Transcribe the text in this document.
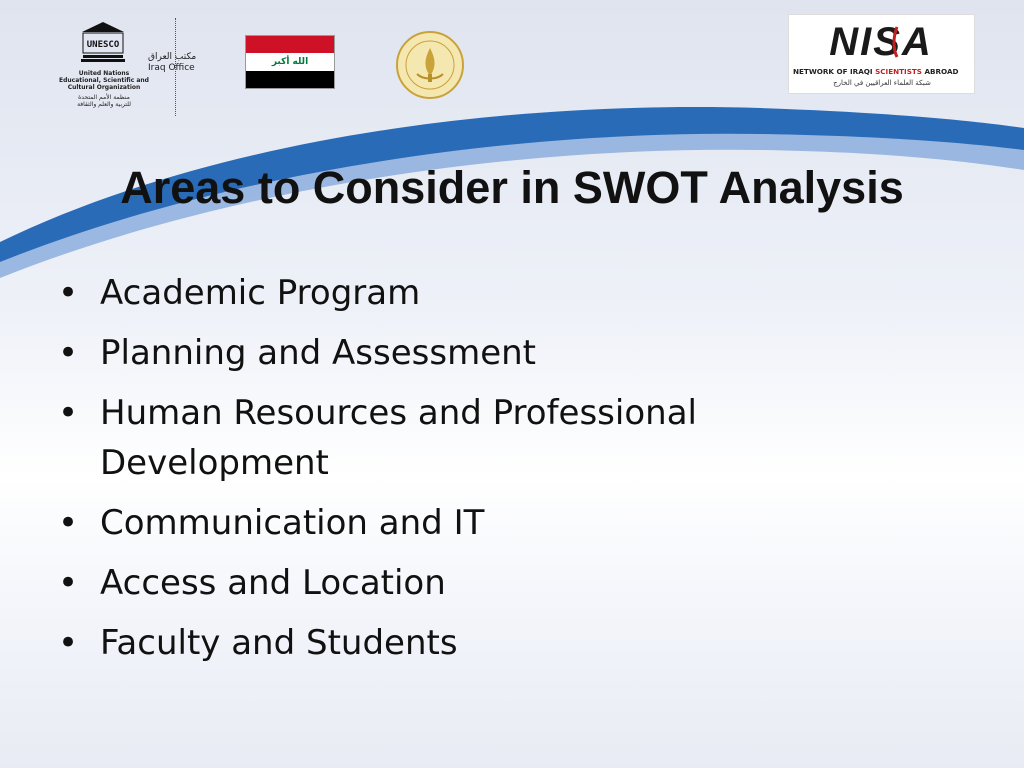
UNESCO
United Nations
Educational, Scientific and
Cultural Organization
منظمة الأمم المتحدة
للتربية والعلم والثقافة
مكتب العراق
Iraq Office
الله أكبر	NISA
NETWORK OF IRAQI SCIENTISTS ABROAD
شبكة العلماء العراقيين في الخارج
Areas to Consider in SWOT Analysis
• Academic Program
• Planning and Assessment
• Human Resources and Professional Development
• Communication and IT
• Access and Location
• Faculty and Students
